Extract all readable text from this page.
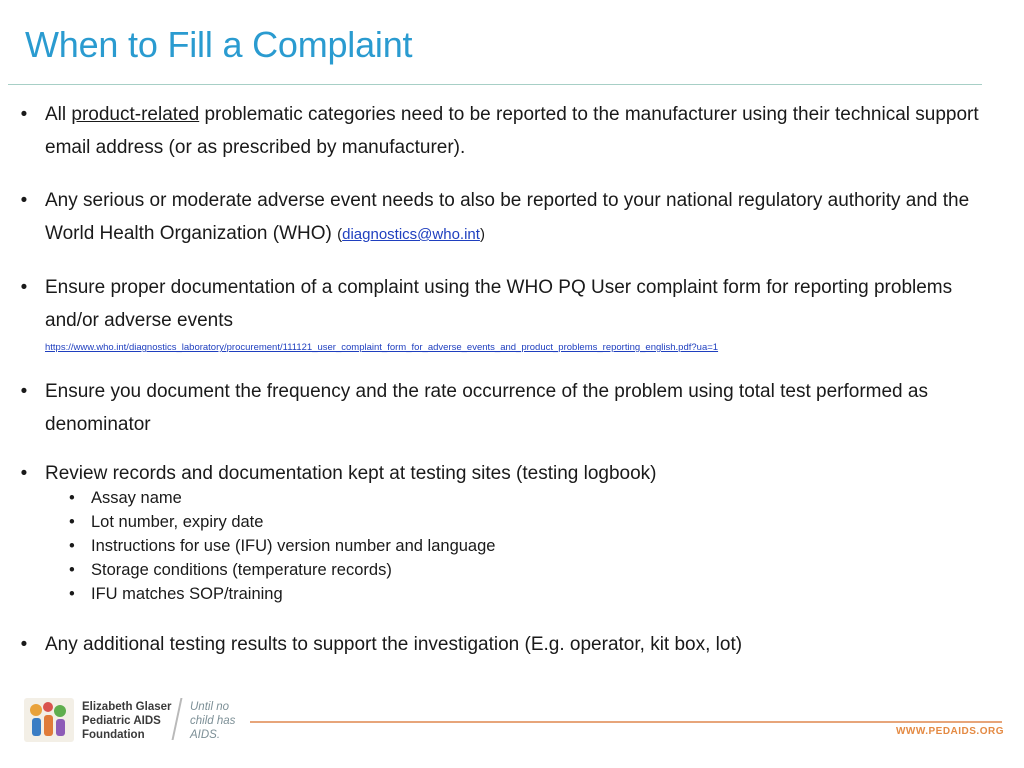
When to Fill a Complaint
• All product-related problematic categories need to be reported to the manufacturer using their technical support email address (or as prescribed by manufacturer).
• Any serious or moderate adverse event needs to also be reported to your national regulatory authority and the World Health Organization (WHO) (diagnostics@who.int)
• Ensure proper documentation of a complaint using the WHO PQ User complaint form for reporting problems and/or adverse events
https://www.who.int/diagnostics_laboratory/procurement/111121_user_complaint_form_for_adverse_events_and_product_problems_reporting_english.pdf?ua=1
• Ensure you document the frequency and the rate occurrence of the problem using total test performed as denominator
• Review records and documentation kept at testing sites (testing logbook)
• Assay name
• Lot number, expiry date
• Instructions for use (IFU) version number and language
• Storage conditions (temperature records)
• IFU matches SOP/training
• Any additional testing results to support the investigation (E.g. operator, kit box, lot)
Elizabeth Glaser
Pediatric AIDS
Foundation
Until no
child has
AIDS.	WWW.PEDAIDS.ORG
